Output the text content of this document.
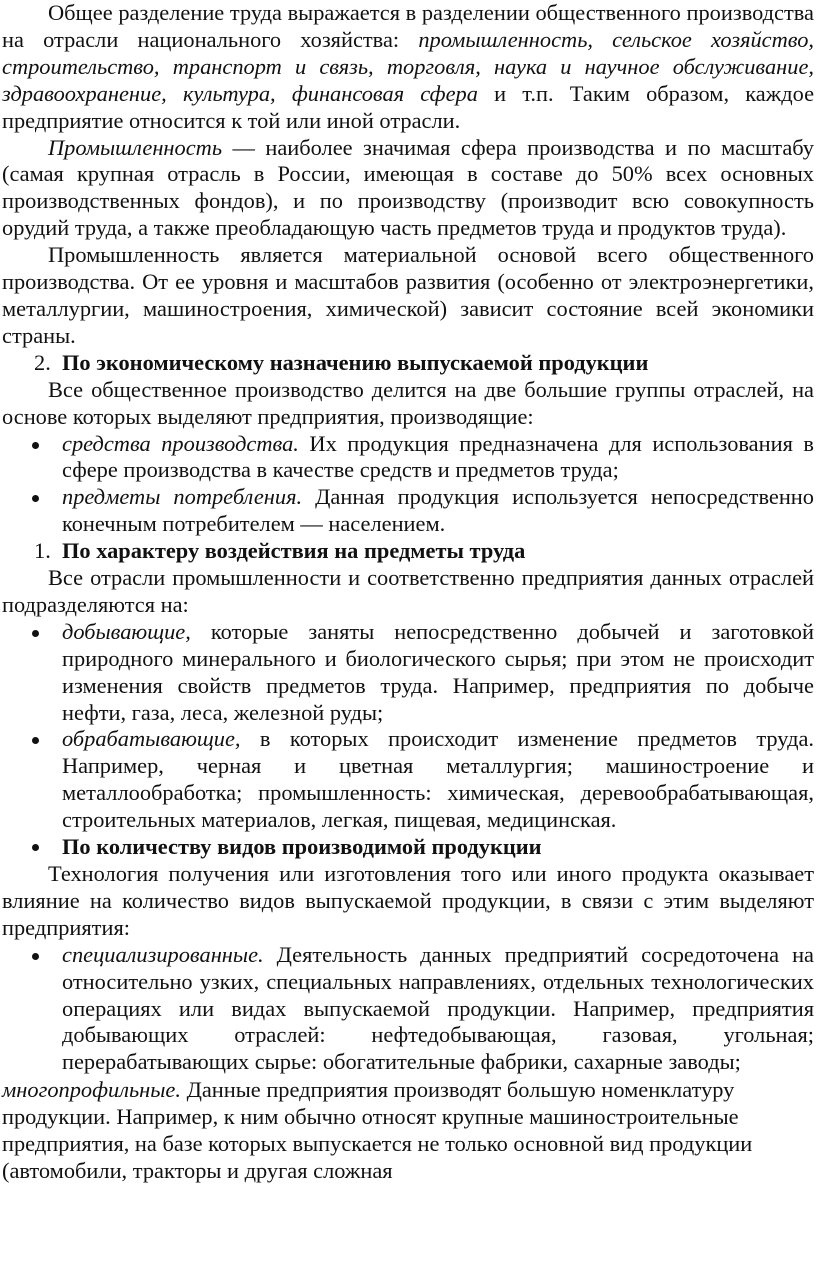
Общее разделение труда выражается в разделении общественного производства на отрасли национального хозяйства: промышленность, сельское хозяйство, строительство, транспорт и связь, торговля, наука и научное обслуживание, здравоохранение, культура, финансовая сфера и т.п. Таким образом, каждое предприятие относится к той или иной отрасли.

Промышленность — наиболее значимая сфера производства и по масштабу (самая крупная отрасль в России, имеющая в составе до 50% всех основных производственных фондов), и по производству (производит всю совокупность орудий труда, а также преобладающую часть предметов труда и продуктов труда).

Промышленность является материальной основой всего общественного производства. От ее уровня и масштабов развития (особенно от электроэнергетики, металлургии, машиностроения, химической) зависит состояние всей экономики страны.

2. По экономическому назначению выпускаемой продукции

Все общественное производство делится на две большие группы отраслей, на основе которых выделяют предприятия, производящие:

средства производства. Их продукция предназначена для использования в сфере производства в качестве средств и предметов труда;
предметы потребления. Данная продукция используется непосредственно конечным потребителем — населением.
1. По характеру воздействия на предметы труда

Все отрасли промышленности и соответственно предприятия данных отраслей подразделяются на:

добывающие, которые заняты непосредственно добычей и заготовкой природного минерального и биологического сырья; при этом не происходит изменения свойств предметов труда. Например, предприятия по добыче нефти, газа, леса, железной руды;
обрабатывающие, в которых происходит изменение предметов труда. Например, черная и цветная металлургия; машиностроение и металлообработка; промышленность: химическая, деревообрабатывающая, строительных материалов, легкая, пищевая, медицинская.
По количеству видов производимой продукции

Технология получения или изготовления того или иного продукта оказывает влияние на количество видов выпускаемой продукции, в связи с этим выделяют предприятия:

специализированные. Деятельность данных предприятий сосредоточена на относительно узких, специальных направлениях, отдельных технологических операциях или видах выпускаемой продукции. Например, предприятия добывающих отраслей: нефтедобывающая, газовая, угольная; перерабатывающих сырье: обогатительные фабрики, сахарные заводы;

многопрофильные. Данные предприятия производят большую номенклатуру продукции. Например, к ним обычно относят крупные машиностроительные предприятия, на базе которых выпускается не только основной вид продукции (автомобили, тракторы и другая сложная
